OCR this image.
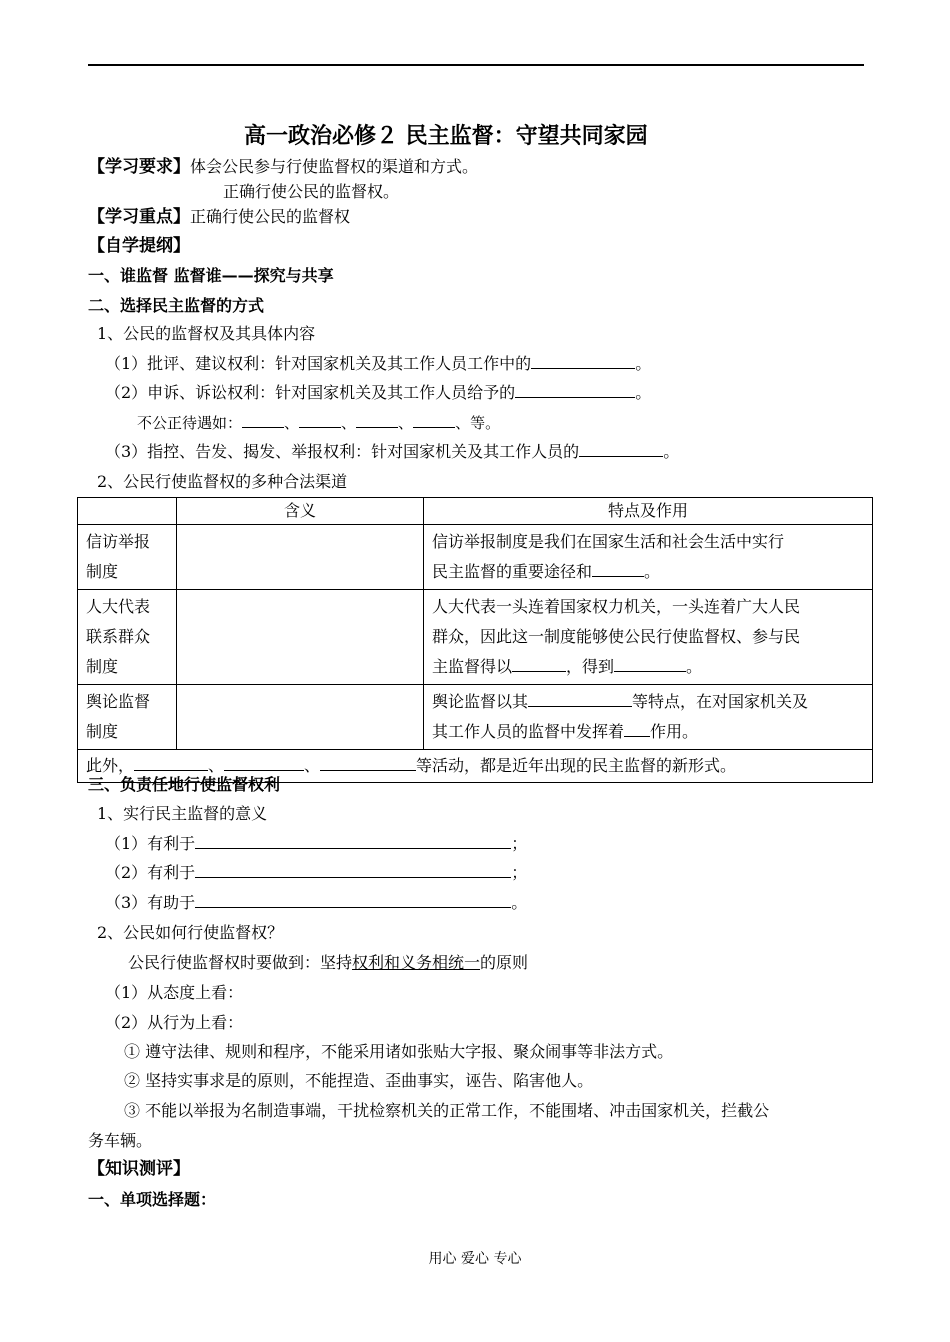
高一政治必修２ 民主监督：守望共同家园
【学习要求】体会公民参与行使监督权的渠道和方式。
正确行使公民的监督权。
【学习重点】正确行使公民的监督权
【自学提纲】
一、谁监督 监督谁——探究与共享
二、选择民主监督的方式
1、公民的监督权及其具体内容
（1）批评、建议权利：针对国家机关及其工作人员工作中的	。
（2）申诉、诉讼权利：针对国家机关及其工作人员给予的	。
不公正待遇如：	、	、	、	、等。
（3）指控、告发、揭发、举报权利：针对国家机关及其工作人员的	。
2、公民行使监督权的多种合法渠道
	含义	特点及作用
信访举报
制度		信访举报制度是我们在国家生活和社会生活中实行
民主监督的重要途径和 。
人大代表
联系群众
制度		人大代表一头连着国家权力机关，一头连着广大人民
群众，因此这一制度能够使公民行使监督权、参与民
主监督得以 ，得到 。
舆论监督
制度		舆论监督以其 等特点，在对国家机关及
其工作人员的监督中发挥着 作用。
此外， 、 、 等活动，都是近年出现的民主监督的新形式。		
三、负责任地行使监督权利
1、实行民主监督的意义
（1）有利于	；
（2）有利于	；
（3）有助于	。
2、公民如何行使监督权？
公民行使监督权时要做到：坚持权利和义务相统一的原则
（1）从态度上看：
（2）从行为上看：
① 遵守法律、规则和程序，不能采用诸如张贴大字报、聚众闹事等非法方式。
② 坚持实事求是的原则，不能捏造、歪曲事实，诬告、陷害他人。
③ 不能以举报为名制造事端，干扰检察机关的正常工作，不能围堵、冲击国家机关，拦截公
务车辆。
【知识测评】
一、单项选择题：
用心 爱心 专心
